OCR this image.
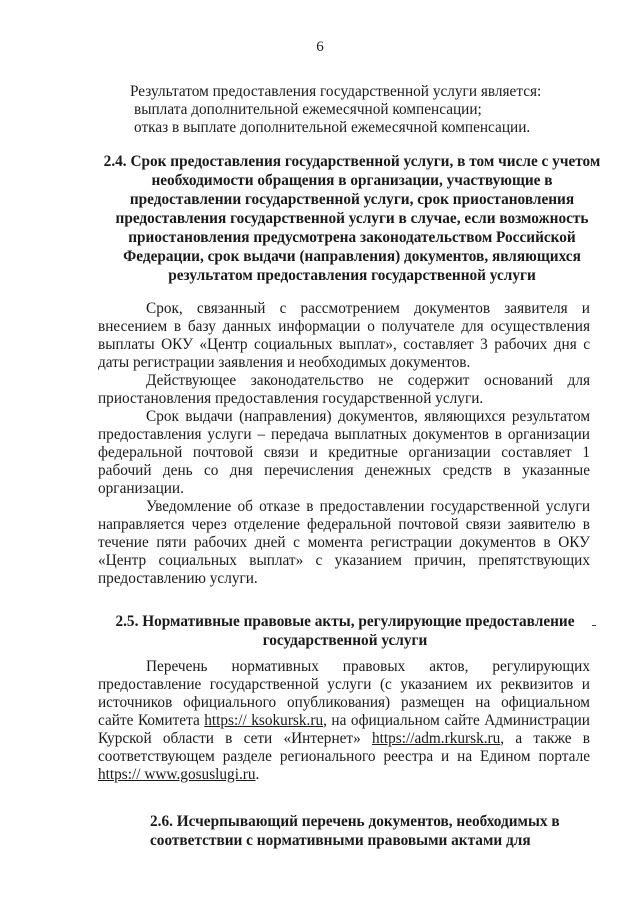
6
Результатом предоставления государственной услуги является:
выплата дополнительной ежемесячной компенсации;
отказ в выплате дополнительной ежемесячной компенсации.
2.4. Срок предоставления государственной услуги, в том числе с учетом необходимости обращения в организации, участвующие в предоставлении государственной услуги, срок приостановления предоставления государственной услуги в случае, если возможность приостановления предусмотрена законодательством Российской Федерации, срок выдачи (направления) документов, являющихся результатом предоставления государственной услуги

Срок, связанный с рассмотрением документов заявителя и внесением в базу данных информации о получателе для осуществления выплаты ОКУ «Центр социальных выплат», составляет 3 рабочих дня с даты регистрации заявления и необходимых документов.

Действующее законодательство не содержит оснований для приостановления предоставления государственной услуги.

Срок выдачи (направления) документов, являющихся результатом предоставления услуги – передача выплатных документов в организации федеральной почтовой связи и кредитные организации составляет 1 рабочий день со дня перечисления денежных средств в указанные организации.

Уведомление об отказе в предоставлении государственной услуги направляется через отделение федеральной почтовой связи заявителю в течение пяти рабочих дней с момента регистрации документов в ОКУ «Центр социальных выплат» с указанием причин, препятствующих предоставлению услуги.

2.5. Нормативные правовые акты, регулирующие предоставление государственной услуги

Перечень нормативных правовых актов, регулирующих предоставление государственной услуги (с указанием их реквизитов и источников официального опубликования) размещен на официальном сайте Комитета https:// ksokursk.ru, на официальном сайте Администрации Курской области в сети «Интернет» https://adm.rkursk.ru, а также в соответствующем разделе регионального реестра и на Едином портале https:// www.gosuslugi.ru.

2.6. Исчерпывающий перечень документов, необходимых в соответствии с нормативными правовыми актами для
